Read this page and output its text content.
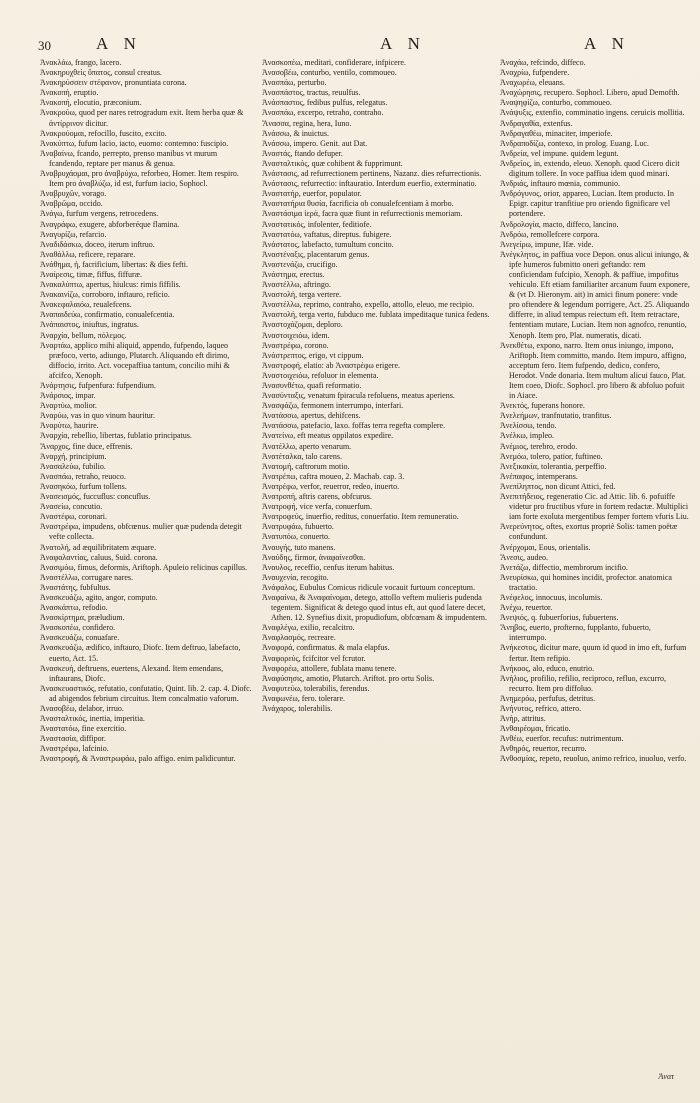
30	A N	A N	A N

Ἀνακλάω, frango, lacero.

Ἀνακηρυχθεὶς ὕπατος, consul creatus.

Ἀνακηρύσσειν στέφανον, pronuntiata corona.

Ἀνακοπή, eruptio.

Ἀνακοπή, elocutio, præconium.

Ἀνακρούω, quod per nares retrogradum exit. Item herba quæ & ἀντίρρινον dicitur.

Ἀνακρούομαι, refocillo, fuscito, excito.

Ἀνακύπτω, fufum lacio, iacto, euomo: contemno: fuscipio.

Ἀναβαίνω, fcando, perrepto, prenso manibus vt murum fcandendo, reptare per manus & genua.

Ἀναβρυχάομαι, pro ἀναβρύχω, reforbeo, Homer. Item respiro. Item pro ἀναβλύζω, id est, furfum iacio, Sophocl.

Ἀναβρυχῶν, vorago.

Ἀναβρῶμα, occido.

Ἀνάγω, furfum vergens, retrocedens.

Ἀναγράφω, exugere, abforberéque flamina.

Ἀναγυρίζω, refarcio.

Ἀναδιδάσκω, doceo, iterum inftruo.

Ἀναθάλλω, reficere, reparare.

Ἀνάθημα, ἡ, facrificium, libertas: & dies fefti.

Ἀναίρεσις, timæ, fiffus, fiffuræ.

Ἀνακαλύπτω, apertus, hiulcus: rimis fiffilis.

Ἀνακαινίζω, corroboro, inftauro, reficio.

Ἀνακεφαλαιόω, reualefcens.

Ἀναπαιδεύω, confirmatio, conualefcentia.

Ἀνάπαιστος, iniuftus, ingratus.

Ἀναρχία, bellum, πόλεμος.

Ἀναρτάω, applico mihi aliquid, appendo, fufpendo, laqueo præfoco, verto, adiungo, Plutarch. Aliquando eft dirimo, diffocio, irrito. Act. vocepaffiua tantum, concilio mihi & afcifco, Xenoph.

Ἀνάρτησις, fufpenfura: fufpendium.

Ἀνάρσιος, impar.

Ἀναρτύω, molior.

Ἀναρύω, vas in quo vinum hauritur.

Ἀναρύτω, haurire.

Ἀναρχία, rebellio, libertas, fublatio principatus.

Ἄναρχος, fine duce, effrenis.

Ἀναρχή, principium.

Ἀνασαλεύω, fubilio.

Ἀνασπάω, retraho, reuoco.

Ἀνασηκόω, furfum tollens.

Ἀνασεισμός, fuccuflus: concuflus.

Ἀνασείω, concutio.

Ἀναστέφω, coronari.

Ἀναστρέφω, impudens, obfcœnus. mulier quæ pudenda detegit vefte collecta.

Ἀνατολή, ad æquilibritatem æquare.

Ἀναφαλαντίας, caluus, Suid. corona.

Ἀνασιμόω, fimus, deformis, Ariftoph. Apuleio relicinus capillus.

Ἀναστέλλω, corrugare nares.

Ἀναστάτης, fubfultus.

Ἀνασκευάζω, agito, angor, computo.

Ἀνασκάπτω, refodio.

Ἀνασκίρτημα, præludium.

Ἀνασκοπέω, confidero.

Ἀνασκευάζω, conuafare.

Ἀνασκευάζω, ædifico, inftauro, Diofc. Item deftruo, labefacto, euerto, Act. 15.

Ἀνασκευή, deftruens, euertens, Alexand. Item emendans, inftaurans, Diofc.

Ἀνασκευαστικός, refutatio, confutatio, Quint. lib. 2. cap. 4. Diofc. ad abigendos febrium circuitus. Item concalmatio vaforum.

Ἀνασοβέω, delabor, irruo.

Ἀνασταλτικός, inertia, imperitia.

Ἀναστατόω, fine exercitio.

Ἀναστασία, diffipor.

Ἀναστρέφω, lafcinio.

Ἀναστροφή, & Ἀναστρωφάω, palo affigo. enim palidicuntur.

Ἀνασκοπέω, meditari, confiderare, infpicere.

Ἀνασοβέω, conturbo, ventilo, commoueo.

Ἀνασπάω, perturbo.

Ἀνασπάστος, tractus, reuulfus.

Ἀνάσπαστος, fedibus pulfus, relegatus.

Ἀνασπάω, excerpo, retraho, contraho.

Ἄνασσα, regina, hera, Iuno.

Ἀνάσσω, & inuictus.

Ἀνάσσω, impero. Genit. aut Dat.

Ἀναστάς, ftando defuper.

Ἀνασταλτικός, quæ cohibent & fupprimunt.

Ἀνάστασις, ad refurrectionem pertinens, Nazanz. dies refurrectionis.

Ἀνάστασις, refurrectio: inftauratio. Interdum euerfio, exterminatio.

Ἀναστατήρ, euerfor, populator.

Ἀναστατήρια θυσία, facrificia ob conualefcentiam à morbo.

Ἀναστάσιμα ἱερά, facra quæ fiunt in refurrectionis memoriam.

Ἀναστατικός, infolenter, feditiofe.

Ἀναστατόω, vaftatus, direptus. fubigere.

Ἀνάστατος, labefacto, tumultum concito.

Ἀναστέναξις, placentarum genus.

Ἀναστενάζω, crucifigo.

Ἀνάστημα, erectus.

Ἀναστέλλω, aftringo.

Ἀναστολή, terga vertere.

Ἀναστέλλω, reprimo, contraho, expello, attollo, eleuo, me recipio.

Ἀναστολή, terga verto, fubduco me. fublata impeditaque tunica fedens.

Ἀναστοχάζομαι, deploro.

Ἀναστοιχειόω, idem.

Ἀναστρέφω, corono.

Ἀνάστρεπτος, erigo, vt cippum.

Ἀναστροφή, elatio: ab Ἀναστρέφω erigere.

Ἀναστοιχειόω, refoluor in elementa.

Ἀνασυνθέτω, quafi reformatio.

Ἀνασύνταξις, venatum fpiracula refoluens, meatus aperiens.

Ἀνασφάζω, fermonem interrumpo, interfari.

Ἀνατάσσω, apertus, dehifcens.

Ἀνατάσσω, patefacio, laxo. foffas terra regefta complere.

Ἀνατείνω, eft meatus oppilatos expedire.

Ἀνατέλλω, aperto venarum.

Ἀνατέταλκα, talo carens.

Ἀνατομή, caftrorum motio.

Ἀνατρέπω, caftra moueo, 2. Machab. cap. 3.

Ἀνατρέφω, verfor, reuerror, redeo, inuerto.

Ἀνατροπή, aftris carens, obfcurus.

Ἀνατροφή, vice verfa, conuerfum.

Ἀνατροφεύς, inuerfio, reditus, conuerfatio. Item remuneratio.

Ἀνατρυφάω, fubuerto.

Ἀνατυπόω, conuerto.

Ἀναυγής, tuto manens.

Ἀναύδης, firmor, ἀναφαίνεσθαι.

Ἀναυλος, receffio, cenfus iterum habitus.

Ἀναυχενία, recogito.

Ἀνάφαλος, Eubulus Comicus ridicule vocauit furtuum conceptum.

Ἀναφαίνω, & Ἀναφαίνομαι, detego, attollo veftem mulieris pudenda tegentem. Significat & detego quod intus eft, aut quod latere decet, Athen. 12. Synefius dixit, propudiofum, obfcœnam & impudentem.

Ἀναφλέγω, exilio, recalcitro.

Ἀναφλασμός, recreare.

Ἀναφορά, confirmatus. & mala elapfus.

Ἀναφορεύς, fcifcitor vel fcrutor.

Ἀναφορέω, attollere, fublata manu tenere.

Ἀναφύσησις, amotio, Plutarch. Ariftot. pro ortu Solis.

Ἀναφυτεύω, tolerabilis, ferendus.

Ἀναφωνέω, fero. tolerare.

Ἀνάχαρος, tolerabilis.

Ἀναχάω, refcindo, diffeco.

Ἀναχρίω, fufpendere.

Ἀναχωρέω, eleuans.

Ἀναχώρησις, recupero. Sophocl. Libero, apud Demofth.

Ἀναψηφίζω, conturbo, commoueo.

Ἀνάψυξις, extenfio, comminatio ingens. ceruicis mollitia.

Ἀνδραγαθία, extenfus.

Ἀνδραγαθέω, minaciter, imperiofe.

Ἀνδραποδίζω, contexo, in prolog. Euang. Luc.

Ἀνδρεία, vel impune. quidem legunt.

Ἀνδρεῖος, in, extendo, eleuo. Xenoph. quod Cicero dicit digitum tollere. In voce paffiua idem quod minari.

Ἀνδριάς, inftauro mœnia, communio.

Ἀνδρόγυνος, orior, appareo, Lucian. Item producto. In Epigr. capitur tranfitiue pro oriendo fignificare vel portendere.

Ἀνδρολογία, macto, diffeco, lancino.

Ἀνδρόω, remollefcere corpora.

Ἀνεγείρω, impune, Ifæ. vide.

Ἀνέγκλητος, in paffiua voce Depon. onus alicui iniungo, & ipfe humeros fubmitto oneri geftando: rem conficiendam fufcipio, Xenoph. & paffiue, impofitus vehiculo. Eft etiam familiariter arcanum fuum exponere, & (vt D. Hieronym. ait) in amici finum ponere: vnde pro oftendere & legendum porrigere, Act. 25. Aliquando differre, in aliud tempus reiectum eft. Item retractare, fententiam mutare, Lucian. Item non agnofco, renuntio, Xenoph. Item pro, Plat. numeratis, dicati.

Ἀνεκθέτω, expono, narro. Item onus iniungo, impono, Ariftoph. Item committo, mando. Item impuro, affigno, acceptum fero. Item fufpendo, dedico, confero, Herodot. Vnde donaria. Item multum alicui fauco, Plat. Item coeo, Diofc. Sophocl. pro libero & abfoluo pofuit in Aiace.

Ἀνεκτός, fuperans honore.

Ἀνελεήμων, tranfnutatio, tranfitus.

Ἀνελίσσω, tendo.

Ἀνέλκω, impleo.

Ἀνέμιος, terebro, erodo.

Ἀνεμόω, tolero, patior, fuftineo.

Ἀνεξικακία, tolerantia, perpeffio.

Ἀνέπαφος, intemperans.

Ἀνεπίληπτος, non dicunt Attici, fed.

Ἀνεπιτήδειος, regeneratio Cic. ad Attic. lib. 6. pofuiffe videtur pro fructibus vfure in fortem redactæ. Multiplici iam forte exoluta mergentibus femper fortem vfuris Liu.

Ἀνερεύνητος, oftes, exortus propriè Solis: tamen poëtæ confundunt.

Ἀνέρχομαι, Eous, orientalis.

Ἄνεσις, audeo.

Ἀνετάζω, diffectio, membrorum incifio.

Ἀνευρίσκω, qui homines incidit, profector. anatomica tractatio.

Ἀνέφελος, innocuus, incolumis.

Ἀνέχω, reuertor.

Ἀνεψιός, q. fubuerforius, fubuertens.

Ἄνηβος, euerto, profterno, fupplanto, fubuerto, interrumpo.

Ἀνήκεστος, dicitur mare, quum id quod in imo eft, furfum fertur. Item refipio.

Ἀνήκοος, alo, educo, enutrio.

Ἀνήλιος, profilio, refilio, reciproco, refluo, excurro, recurro. Item pro diffoluo.

Ἀνημερόω, perfufus, detritus.

Ἀνήνυτος, refrico, attero.

Ἀνήρ, attritus.

Ἀνθαιρέομαι, fricatio.

Ἀνθέω, euerfor. recufus: nutrimentum.

Ἀνθηρός, reuertor, recurro.

Ἀνθοσμίας, repeto, reuoluo, animo refrico, inuoluo, verfo.

Ἀνατ
